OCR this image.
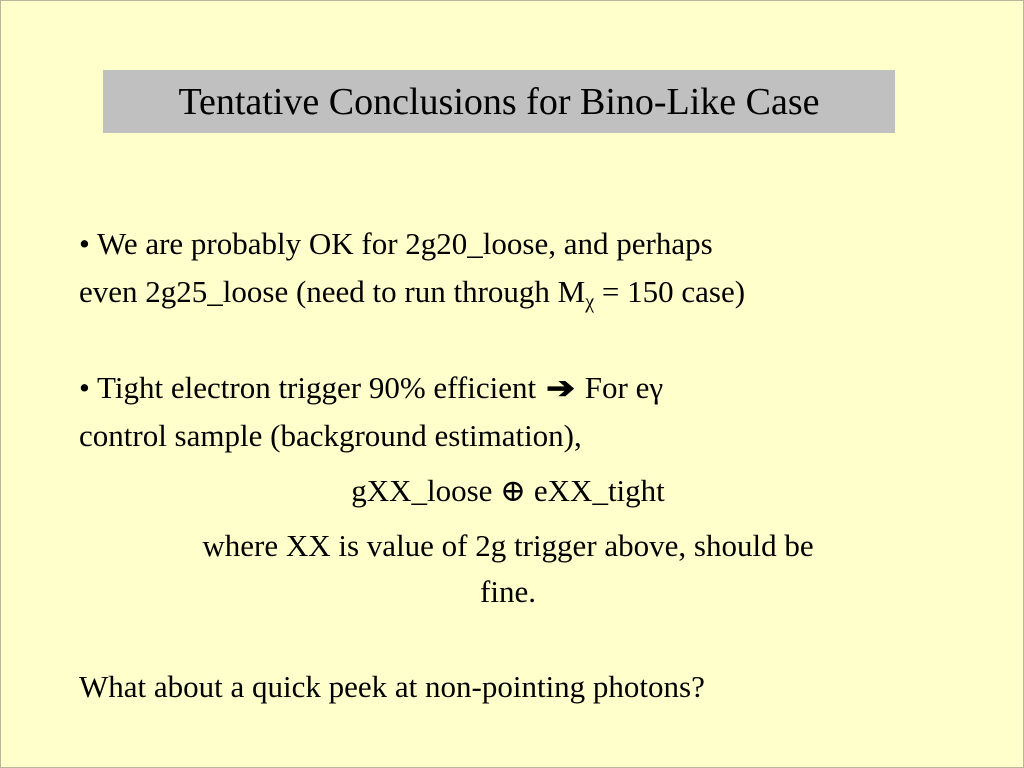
Tentative Conclusions for Bino-Like Case
• We are probably OK for 2g20_loose, and perhaps
even 2g25_loose (need to run through Mχ = 150 case)
• Tight electron trigger 90% efficient ➔ For eγ
control sample (background estimation),
gXX_loose ⊕ eXX_tight
where XX is value of 2g trigger above, should be
fine.
What about a quick peek at non-pointing photons?
